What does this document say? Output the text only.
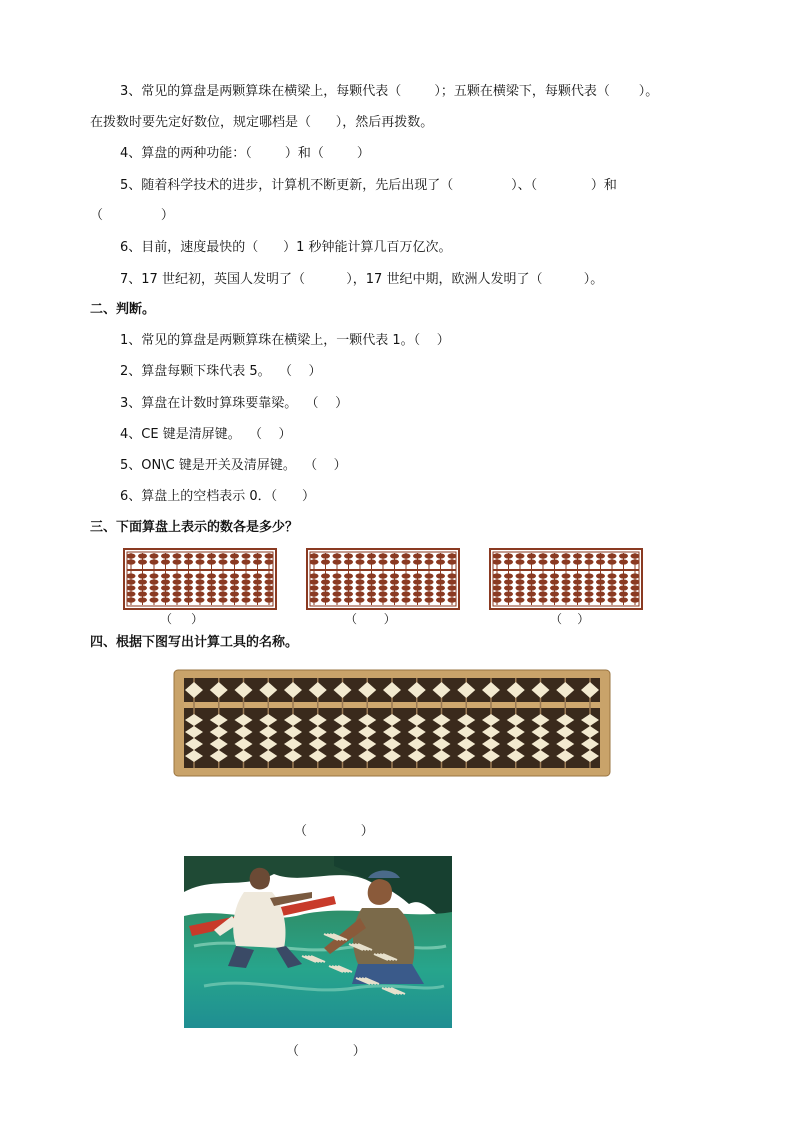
3、常见的算盘是两颗算珠在横梁上，每颗代表（        ）；五颗在横梁下，每颗代表（       ）。
在拨数时要先定好数位，规定哪档是（      ），然后再拨数。
4、算盘的两种功能：（        ）和（        ）
5、随着科学技术的进步，计算机不断更新，先后出现了（              ）、（             ）和
（              ）
6、目前，速度最快的（      ）1 秒钟能计算几百万亿次。
7、17 世纪初，英国人发明了（          ），17 世纪中期，欧洲人发明了（          ）。
二、判断。
1、常见的算盘是两颗算珠在横梁上，一颗代表 1。（    ）
2、算盘每颗下珠代表 5。  （    ）
3、算盘在计数时算珠要靠梁。  （    ）
4、CE 键是清屏键。  （    ）
5、ON\C 键是开关及清屏键。  （    ）
6、算盘上的空档表示 0．（      ）
三、下面算盘上表示的数各是多少？
（     ）	（       ）	（    ）
四、根据下图写出计算工具的名称。
（             ）
（             ）
